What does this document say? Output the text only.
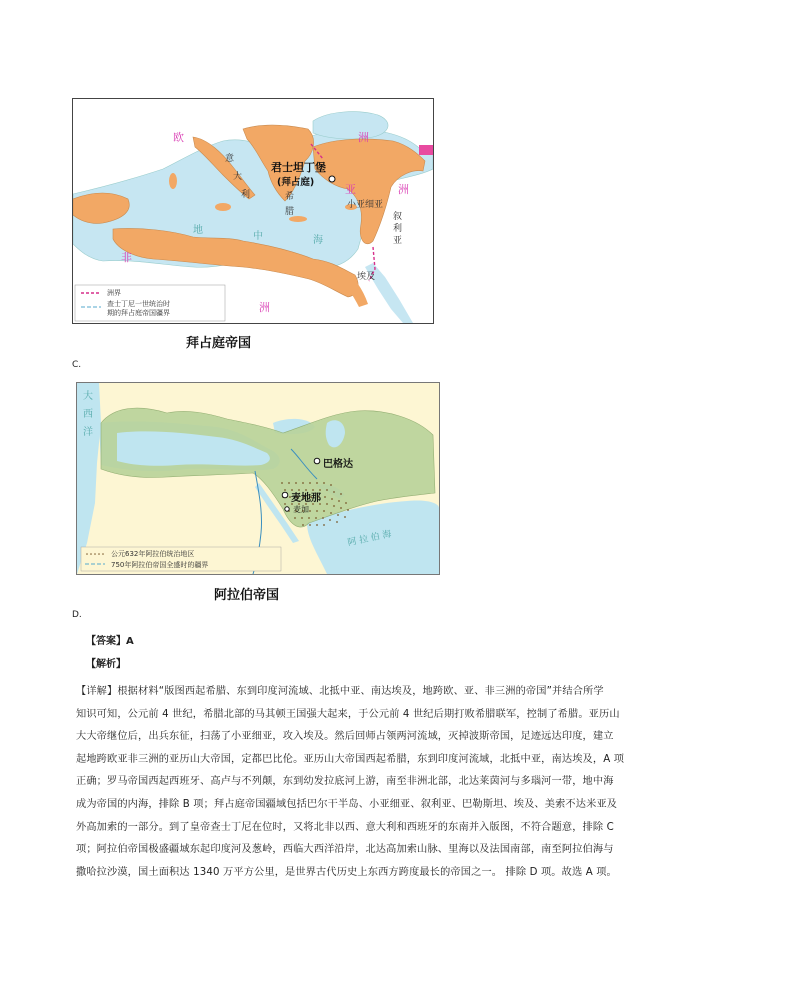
欧	洲
意
大
利	希
腊
君士坦丁堡
(拜占庭)
亚	洲
小亚细亚
叙
利
亚
地
中	海
埃及
非
洲
洲界
查士丁尼一世统治时
期的拜占庭帝国疆界
拜占庭帝国
C.
大
西
洋
巴格达
麦地那
麦加
阿 拉 伯 海
公元632年阿拉伯统治地区
750年阿拉伯帝国全盛时的疆界
阿拉伯帝国
D.
【答案】A
【解析】

【详解】根据材料“版图西起希腊、东到印度河流域、北抵中亚、南达埃及，地跨欧、亚、非三洲的帝国”并结合所学

知识可知，公元前 4 世纪，希腊北部的马其顿王国强大起来，于公元前 4 世纪后期打败希腊联军，控制了希腊。亚历山

大大帝继位后，出兵东征，扫荡了小亚细亚，攻入埃及。然后回师占领两河流域，灭掉波斯帝国，足迹远达印度，建立

起地跨欧亚非三洲的亚历山大帝国，定都巴比伦。亚历山大帝国西起希腊，东到印度河流域，北抵中亚，南达埃及，A 项

正确；罗马帝国西起西班牙、高卢与不列颠，东到幼发拉底河上游，南至非洲北部，北达莱茵河与多瑙河一带，地中海

成为帝国的内海，排除 B 项；拜占庭帝国疆域包括巴尔干半岛、小亚细亚、叙利亚、巴勒斯坦、埃及、美索不达米亚及

外高加索的一部分。到了皇帝查士丁尼在位时，又将北非以西、意大利和西班牙的东南并入版图，不符合题意，排除 C

项；阿拉伯帝国极盛疆域东起印度河及葱岭，西临大西洋沿岸，北达高加索山脉、里海以及法国南部，南至阿拉伯海与

撒哈拉沙漠，国土面积达 1340 万平方公里，是世界古代历史上东西方跨度最长的帝国之一。 排除 D 项。故选 A 项。
